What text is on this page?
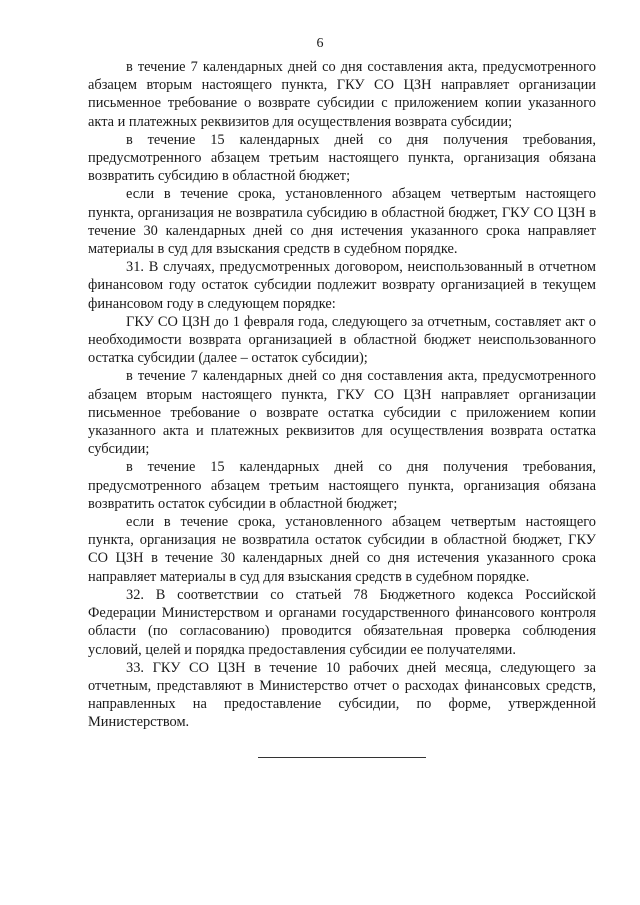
6

в течение 7 календарных дней со дня составления акта, предусмотренного абзацем вторым настоящего пункта, ГКУ СО ЦЗН направляет организации письменное требование о возврате субсидии с приложением копии указанного акта и платежных реквизитов для осуществления возврата субсидии;

в течение 15 календарных дней со дня получения требования, предусмотренного абзацем третьим настоящего пункта, организация обязана возвратить субсидию в областной бюджет;

если в течение срока, установленного абзацем четвертым настоящего пункта, организация не возвратила субсидию в областной бюджет, ГКУ СО ЦЗН в течение 30 календарных дней со дня истечения указанного срока направляет материалы в суд для взыскания средств в судебном порядке.

31. В случаях, предусмотренных договором, неиспользованный в отчетном финансовом году остаток субсидии подлежит возврату организацией в текущем финансовом году в следующем порядке:

ГКУ СО ЦЗН до 1 февраля года, следующего за отчетным, составляет акт о необходимости возврата организацией в областной бюджет неиспользованного остатка субсидии (далее – остаток субсидии);

в течение 7 календарных дней со дня составления акта, предусмотренного абзацем вторым настоящего пункта, ГКУ СО ЦЗН направляет организации письменное требование о возврате остатка субсидии с приложением копии указанного акта и платежных реквизитов для осуществления возврата остатка субсидии;

в течение 15 календарных дней со дня получения требования, предусмотренного абзацем третьим настоящего пункта, организация обязана возвратить остаток субсидии в областной бюджет;

если в течение срока, установленного абзацем четвертым настоящего пункта, организация не возвратила остаток субсидии в областной бюджет, ГКУ СО ЦЗН в течение 30 календарных дней со дня истечения указанного срока направляет материалы в суд для взыскания средств в судебном порядке.

32. В соответствии со статьей 78 Бюджетного кодекса Российской Федерации Министерством и органами государственного финансового контроля области (по согласованию) проводится обязательная проверка соблюдения условий, целей и порядка предоставления субсидии ее получателями.

33. ГКУ СО ЦЗН в течение 10 рабочих дней месяца, следующего за отчетным, представляют в Министерство отчет о расходах финансовых средств, направленных на предоставление субсидии, по форме, утвержденной Министерством.
